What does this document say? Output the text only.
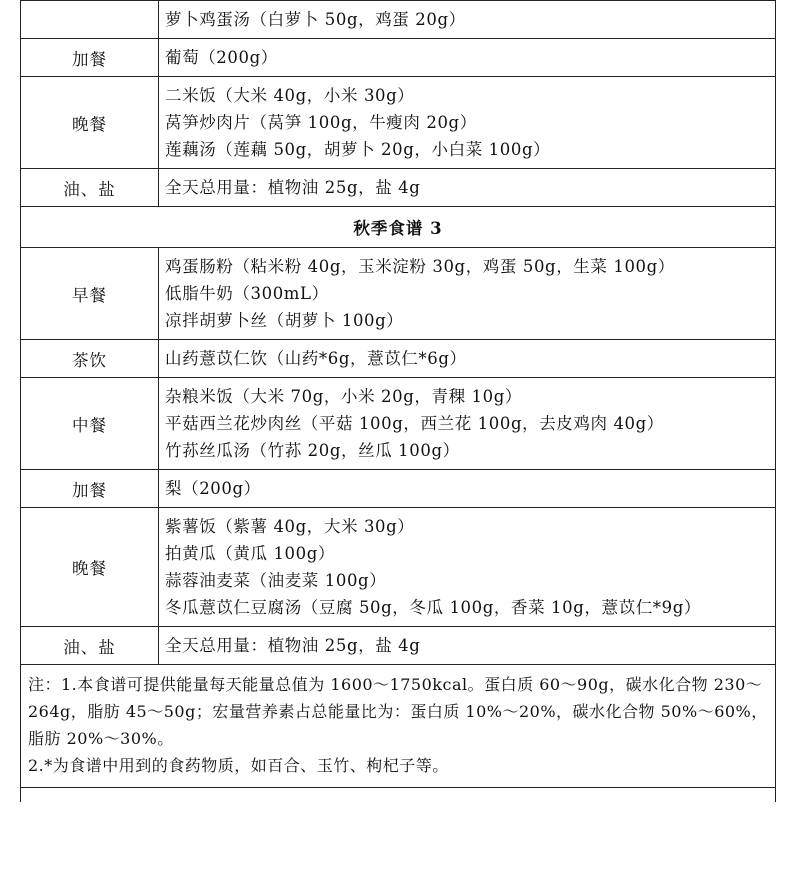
	萝卜鸡蛋汤（白萝卜 50g，鸡蛋 20g）

加餐	葡萄（200g）

晚餐	二米饭（大米 40g，小米 30g）
莴笋炒肉片（莴笋 100g，牛瘦肉 20g）
莲藕汤（莲藕 50g，胡萝卜 20g，小白菜 100g）

油、盐	全天总用量：植物油 25g，盐 4g

秋季食谱 3	
早餐	鸡蛋肠粉（粘米粉 40g，玉米淀粉 30g，鸡蛋 50g，生菜 100g）
低脂牛奶（300mL）
凉拌胡萝卜丝（胡萝卜 100g）

茶饮	山药薏苡仁饮（山药*6g，薏苡仁*6g）

中餐	杂粮米饭（大米 70g，小米 20g，青稞 10g）
平菇西兰花炒肉丝（平菇 100g，西兰花 100g，去皮鸡肉 40g）
竹荪丝瓜汤（竹荪 20g，丝瓜 100g）

加餐	梨（200g）

晚餐	紫薯饭（紫薯 40g，大米 30g）
拍黄瓜（黄瓜 100g）
蒜蓉油麦菜（油麦菜 100g）
冬瓜薏苡仁豆腐汤（豆腐 50g，冬瓜 100g，香菜 10g，薏苡仁*9g）

油、盐	全天总用量：植物油 25g，盐 4g

注：1.本食谱可提供能量每天能量总值为 1600～1750kcal。蛋白质 60～90g，碳水化合物 230～264g，脂肪 45～50g；宏量营养素占总能量比为：蛋白质 10%～20%，碳水化合物 50%～60%，脂肪 20%～30%。
2.*为食谱中用到的食药物质，如百合、玉竹、枸杞子等。	
